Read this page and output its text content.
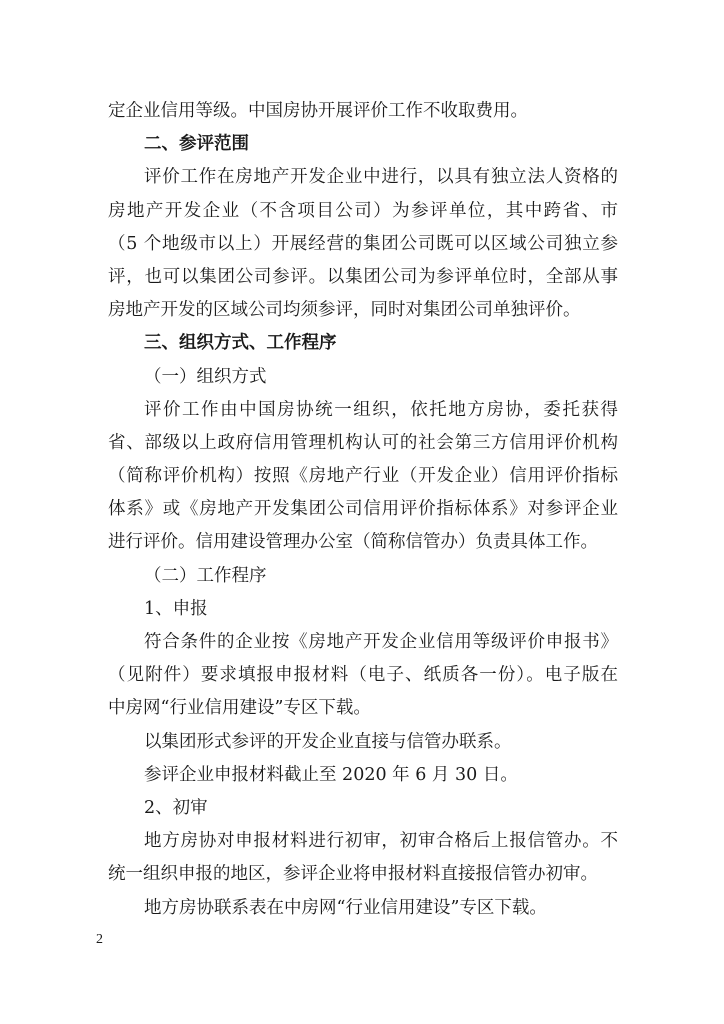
定企业信用等级。中国房协开展评价工作不收取费用。
二、参评范围
评价工作在房地产开发企业中进行，以具有独立法人资格的
房地产开发企业（不含项目公司）为参评单位，其中跨省、市
（5 个地级市以上）开展经营的集团公司既可以区域公司独立参
评，也可以集团公司参评。以集团公司为参评单位时，全部从事
房地产开发的区域公司均须参评，同时对集团公司单独评价。
三、组织方式、工作程序
（一）组织方式
评价工作由中国房协统一组织，依托地方房协，委托获得
省、部级以上政府信用管理机构认可的社会第三方信用评价机构
（简称评价机构）按照《房地产行业（开发企业）信用评价指标
体系》或《房地产开发集团公司信用评价指标体系》对参评企业
进行评价。信用建设管理办公室（简称信管办）负责具体工作。
（二）工作程序
1、申报
符合条件的企业按《房地产开发企业信用等级评价申报书》
（见附件）要求填报申报材料（电子、纸质各一份）。电子版在
中房网“行业信用建设”专区下载。
以集团形式参评的开发企业直接与信管办联系。
参评企业申报材料截止至 2020 年 6 月 30 日。
2、初审
地方房协对申报材料进行初审，初审合格后上报信管办。不
统一组织申报的地区，参评企业将申报材料直接报信管办初审。
地方房协联系表在中房网“行业信用建设”专区下载。
2
